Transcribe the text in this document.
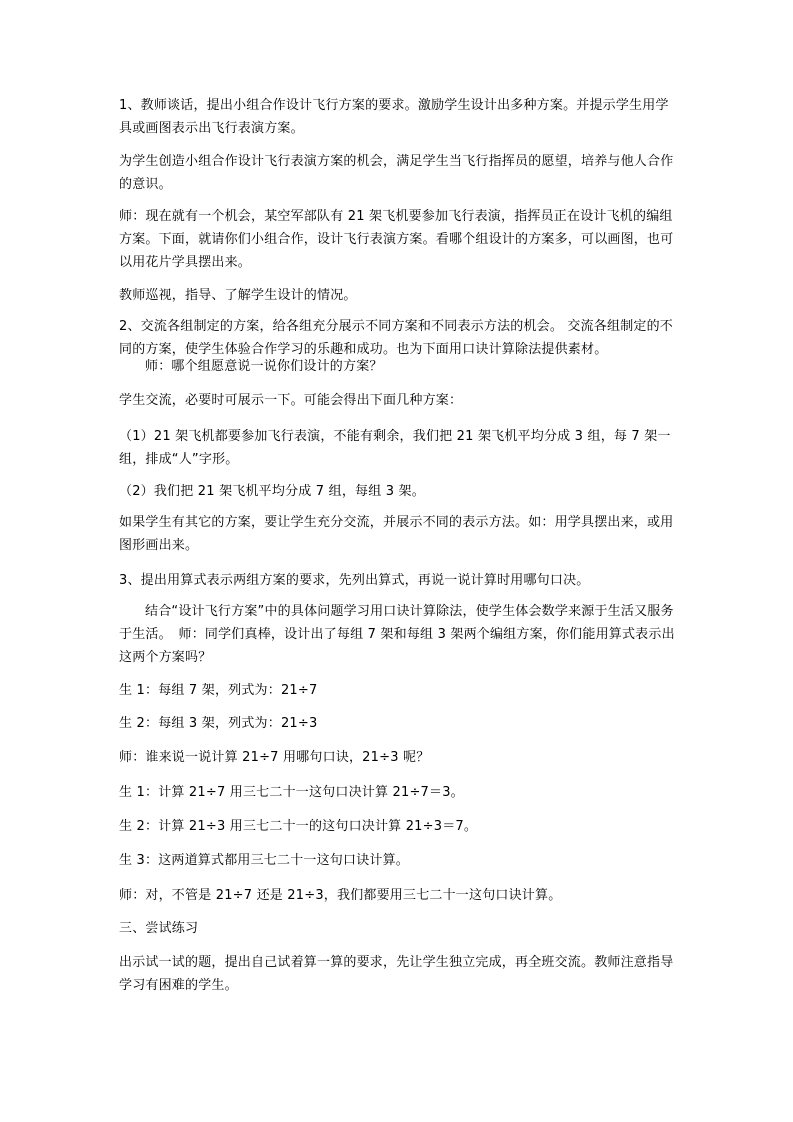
1、教师谈话，提出小组合作设计飞行方案的要求。激励学生设计出多种方案。并提示学生用学具或画图表示出飞行表演方案。

为学生创造小组合作设计飞行表演方案的机会，满足学生当飞行指挥员的愿望，培养与他人合作的意识。

师：现在就有一个机会，某空军部队有 21 架飞机要参加飞行表演，指挥员正在设计飞机的编组方案。下面，就请你们小组合作，设计飞行表演方案。看哪个组设计的方案多，可以画图，也可以用花片学具摆出来。

教师巡视，指导、了解学生设计的情况。

2、交流各组制定的方案，给各组充分展示不同方案和不同表示方法的机会。 交流各组制定的不同的方案，使学生体验合作学习的乐趣和成功。也为下面用口诀计算除法提供素材。

师：哪个组愿意说一说你们设计的方案？

学生交流，必要时可展示一下。可能会得出下面几种方案：

（1）21 架飞机都要参加飞行表演，不能有剩余，我们把 21 架飞机平均分成 3 组，每 7 架一组，排成“人”字形。

（2）我们把 21 架飞机平均分成 7 组，每组 3 架。

如果学生有其它的方案，要让学生充分交流，并展示不同的表示方法。如：用学具摆出来，或用图形画出来。

3、提出用算式表示两组方案的要求，先列出算式，再说一说计算时用哪句口决。

结合“设计飞行方案”中的具体问题学习用口诀计算除法，使学生体会数学来源于生活又服务于生活。　师：同学们真棒，设计出了每组 7 架和每组 3 架两个编组方案，你们能用算式表示出这两个方案吗？

生 1：每组 7 架，列式为：21÷7

生 2：每组 3 架，列式为：21÷3

师：谁来说一说计算 21÷7 用哪句口诀，21÷3 呢？

生 1：计算 21÷7 用三七二十一这句口决计算 21÷7＝3。

生 2：计算 21÷3 用三七二十一的这句口决计算 21÷3＝7。

生 3：这两道算式都用三七二十一这句口诀计算。

师：对，不管是 21÷7 还是 21÷3，我们都要用三七二十一这句口诀计算。

三、尝试练习

出示试一试的题，提出自己试着算一算的要求，先让学生独立完成，再全班交流。教师注意指导学习有困难的学生。
